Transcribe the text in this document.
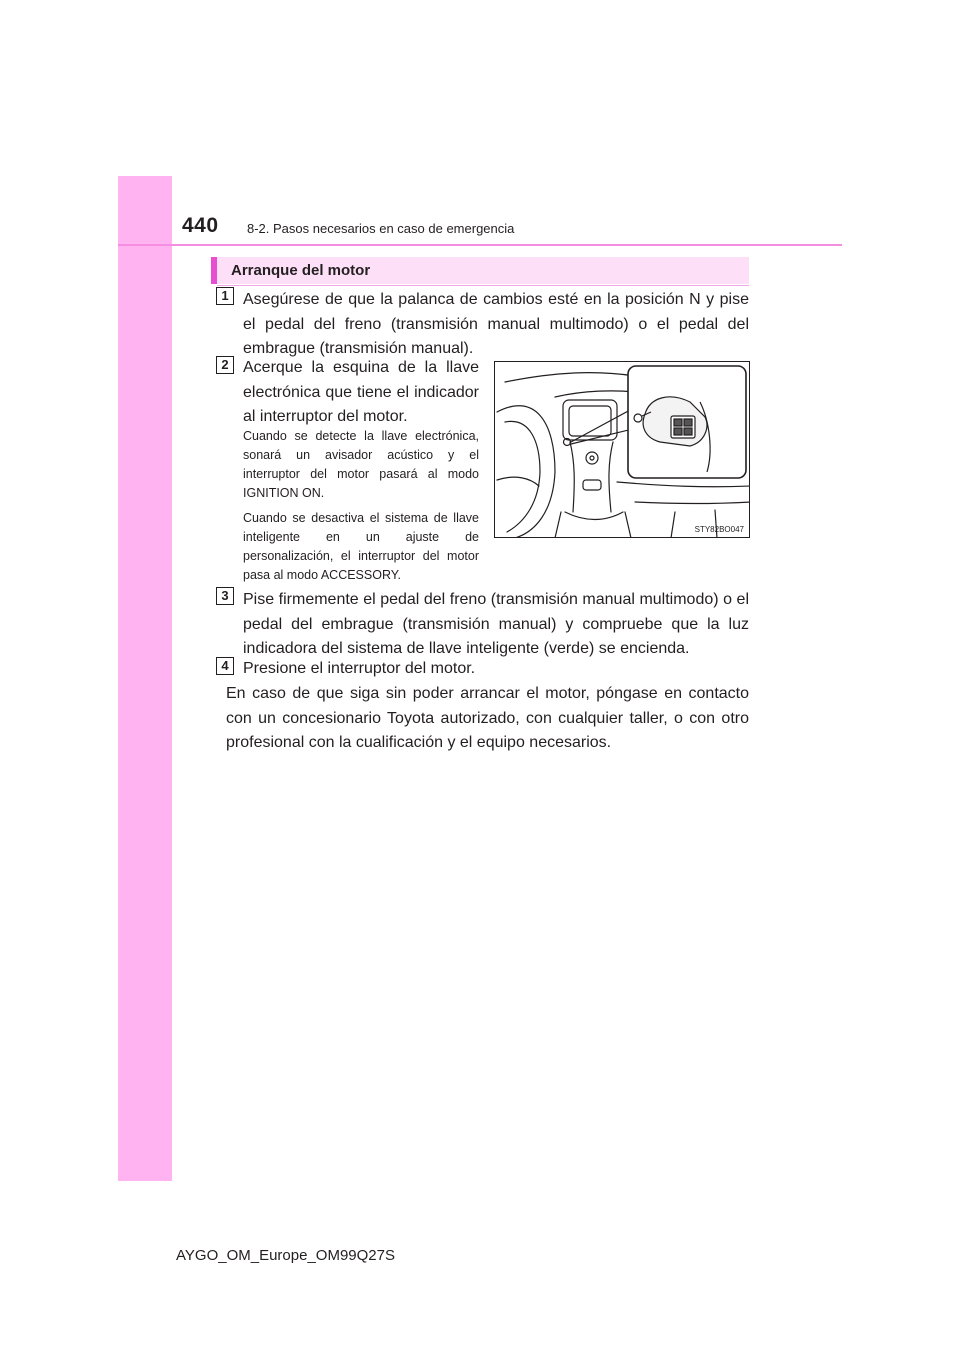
440 8-2. Pasos necesarios en caso de emergencia
Arranque del motor
1 Asegúrese de que la palanca de cambios esté en la posición N y pise el pedal del freno (transmisión manual multimodo) o el pedal del embrague (transmisión manual).

2 Acerque la esquina de la llave electrónica que tiene el indicador al interruptor del motor.

Cuando se detecte la llave electrónica, sonará un avisador acústico y el interruptor del motor pasará al modo IGNITION ON.

Cuando se desactiva el sistema de llave inteligente en un ajuste de personalización, el interruptor del motor pasa al modo ACCESSORY.

STY82BO047
3 Pise firmemente el pedal del freno (transmisión manual multimodo) o el pedal del embrague (transmisión manual) y compruebe que la luz indicadora del sistema de llave inteligente (verde) se encienda.

4 Presione el interruptor del motor.

En caso de que siga sin poder arrancar el motor, póngase en contacto con un concesionario Toyota autorizado, con cualquier taller, o con otro profesional con la cualificación y el equipo necesarios.

AYGO_OM_Europe_OM99Q27S
